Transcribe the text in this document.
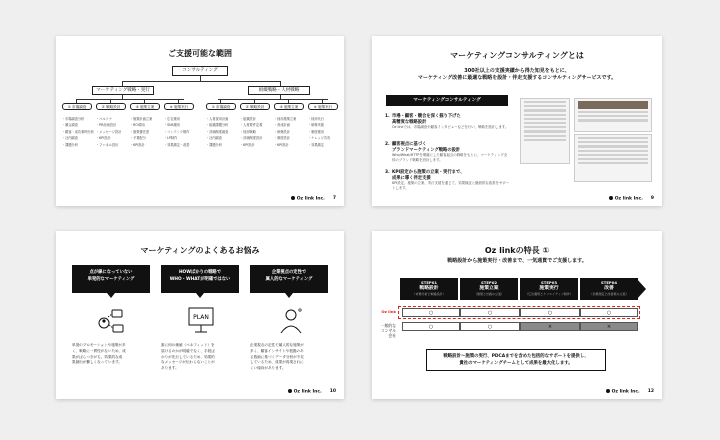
ご支援可能な範囲
コンサルティング
マーケティング戦略・実行	組織戦略・人材戦略
① 市場調査
・市場調査分析
・競合調査
・顧客・成功事例分析
・社内調査
・課題分析
② 戦略設計
・ペルソナ
・PR計画設計
・メッセージ設計
・KPI設計
・ファネル設計
③ 施策立案
・施策計画立案
・ROI算出
・施策優先度
・予算配分
・KPI設計
④ 施策実行
・広告運用
・SNS運用
・コンテンツ制作
・LP制作
・効果測定・改善
① 市場調査
・人材採用計画
・組織課題分析
・評価制度調査
・社内調査
・課題分析
② 戦略設計
・組織設計
・人材要件定義
・採用戦略
・評価制度設計
・KPI設計
③ 施策立案
・採用施策立案
・育成計画
・研修設計
・制度設計
・KPI設計
④ 施策実行
・採用代行
・研修実施
・制度運用
・ナレッジ共有
・効果測定
Oz link Inc. 7
マーケティングコンサルティングとは
300社以上の支援実績から得た知見をもとに、
マーケティング改善に最適な戦略を設計・伴走支援するコンサルティングサービスです。
マーケティングコンサルティング
1. 市場・顧客・競合を深く掘り下げた
高精度な戦略設計
Oz linkでは、市場調査や顧客インタビューなどを行い、戦略を設計します。
2. 顧客視点に基づく
ブランドマーケティング戦略の設計
Who/What/HTTPを明確にした顧客起点の戦略をもとに、マーケティング全体のブランド戦略を設計します。
3. KPI設定から施策の立案・実行まで、
成果に導く伴走支援
KPI設定、施策の立案、実行支援を通じて、効果検証と継続的な改善をサポートします。
Oz link Inc. 9
マーケティングのよくあるお悩み
点が線になっていない
単発的なマーケティング
HOWばかりの戦略で
WHO・WHATが明確ではない
企業視点の定性で
属人的なマーケティング
PLAN
単発のプロモーションや施策が多
く、戦略に一貫性がないため、成
果がばらつきがち。効果的な成
果創出が難しくなっています。
誰に何の価値（ベネフィット）を
届けるのかが明確でなく、手段ば
かりが先行しているため、効果的
なメッセージが伝わらないことが
あります。
企業視点の定性で属人的な施策が
多く、顧客インサイトや根拠のあ
る数値に基づくデータ分析が不足
しているため、成果が再現されに
くい傾向があります。
Oz link Inc. 10
Oz linkの特長 ①
戦略設計から施策実行・改善まで、一気通貫でご支援します。
STEP01
戦略設計
（市場分析と戦略設計）
STEP02
施策立案
（施策と計画の立案）
STEP03
施策実行
（広告運用とクリエイティブ制作）
STEP04
改善
（効果測定と改善策の立案）
Oz link
一般的なコンサル会社
○	○	○	○
○	○	×	×
戦略設計〜施策の実行、PDCAまでを含めた包括的なサポートを提供し、
貴社のマーケティングチームとして成果を最大化します。
Oz link Inc. 12
